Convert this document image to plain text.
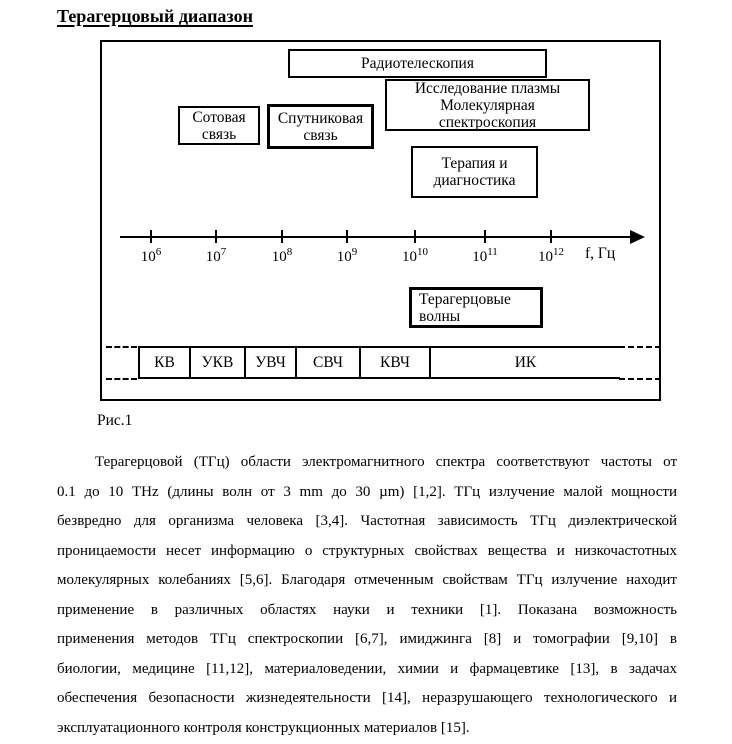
Терагерцовый диапазон
Радиотелескопия
Исследование плазмы
Молекулярная
спектроскопия
Сотовая
связь
Спутниковая
связь
Терапия и
диагностика
$10^6$	$10^7$	$10^8$	$10^9$	$10^{10}$	$10^{11}$	$10^{12}$	f, Гц
Терагерцовые
волны
КВ УКВ УВЧ СВЧ КВЧ	ИК
Рис.1
Терагерцовой (ТГц) области электромагнитного спектра соответствуют частоты от
0.1 до 10 THz (длины волн от 3 mm до 30 µm) [1,2]. ТГц излучение малой мощности
безвредно для организма человека [3,4]. Частотная зависимость ТГц диэлектрической
проницаемости несет информацию о структурных свойствах вещества и низкочастотных
молекулярных колебаниях [5,6]. Благодаря отмеченным свойствам ТГц излучение находит
применение в различных областях науки и техники [1]. Показана возможность
применения методов ТГц спектроскопии [6,7], имиджинга [8] и томографии [9,10] в
биологии, медицине [11,12], материаловедении, химии и фармацевтике [13], в задачах
обеспечения безопасности жизнедеятельности [14], неразрушающего технологического и
эксплуатационного контроля конструкционных материалов [15].
